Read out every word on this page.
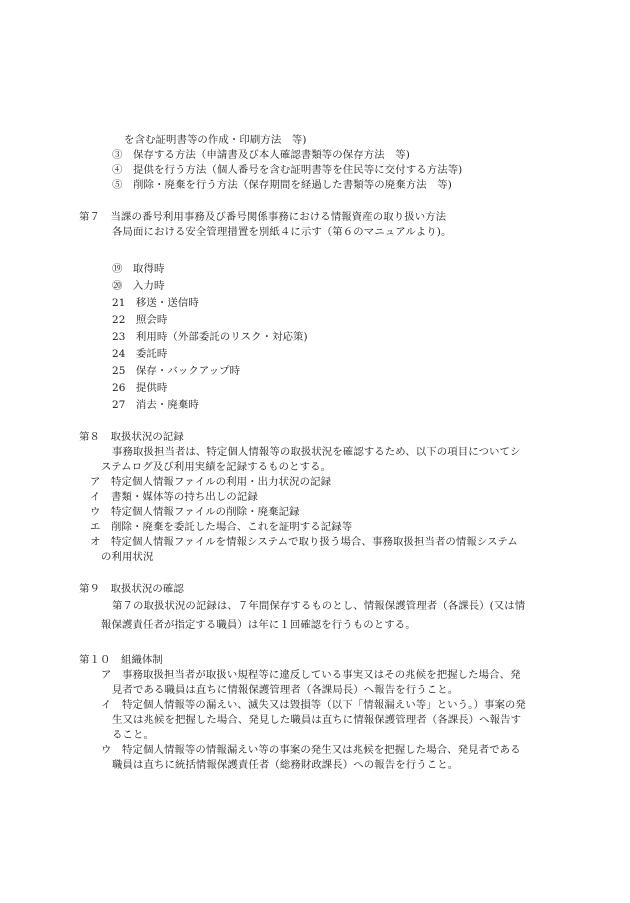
を含む証明書等の作成・印刷方法　等)
③　保存する方法（申請書及び本人確認書類等の保存方法　等)
④　提供を行う方法（個人番号を含む証明書等を住民等に交付する方法等)
⑤　削除・廃棄を行う方法（保存期間を経過した書類等の廃棄方法　等)
第７　当課の番号利用事務及び番号関係事務における情報資産の取り扱い方法
各局面における安全管理措置を別紙４に示す（第６のマニュアルより)。
⑲　取得時
⑳　入力時
21　移送・送信時
22　照会時
23　利用時（外部委託のリスク・対応策)
24　委託時
25　保存・バックアップ時
26　提供時
27　消去・廃棄時
第８　取扱状況の記録
事務取扱担当者は、特定個人情報等の取扱状況を確認するため、以下の項目についてシ
ステムログ及び利用実績を記録するものとする。
ア　特定個人情報ファイルの利用・出力状況の記録
イ　書類・媒体等の持ち出しの記録
ウ　特定個人情報ファイルの削除・廃棄記録
エ　削除・廃棄を委託した場合、これを証明する記録等
オ　特定個人情報ファイルを情報システムで取り扱う場合、事務取扱担当者の情報システム
の利用状況
第９　取扱状況の確認
第７の取扱状況の記録は、７年間保存するものとし、情報保護管理者（各課長）(又は情
報保護責任者が指定する職員）は年に１回確認を行うものとする。
第１０　組織体制
ア　事務取扱担当者が取扱い規程等に違反している事実又はその兆候を把握した場合、発
見者である職員は直ちに情報保護管理者（各課局長）へ報告を行うこと。
イ　特定個人情報等の漏えい、滅失又は毀損等（以下「情報漏えい等」という。）事案の発
生又は兆候を把握した場合、発見した職員は直ちに情報保護管理者（各課長）へ報告す
ること。
ウ　特定個人情報等の情報漏えい等の事案の発生又は兆候を把握した場合、発見者である
職員は直ちに統括情報保護責任者（総務財政課長）への報告を行うこと。
